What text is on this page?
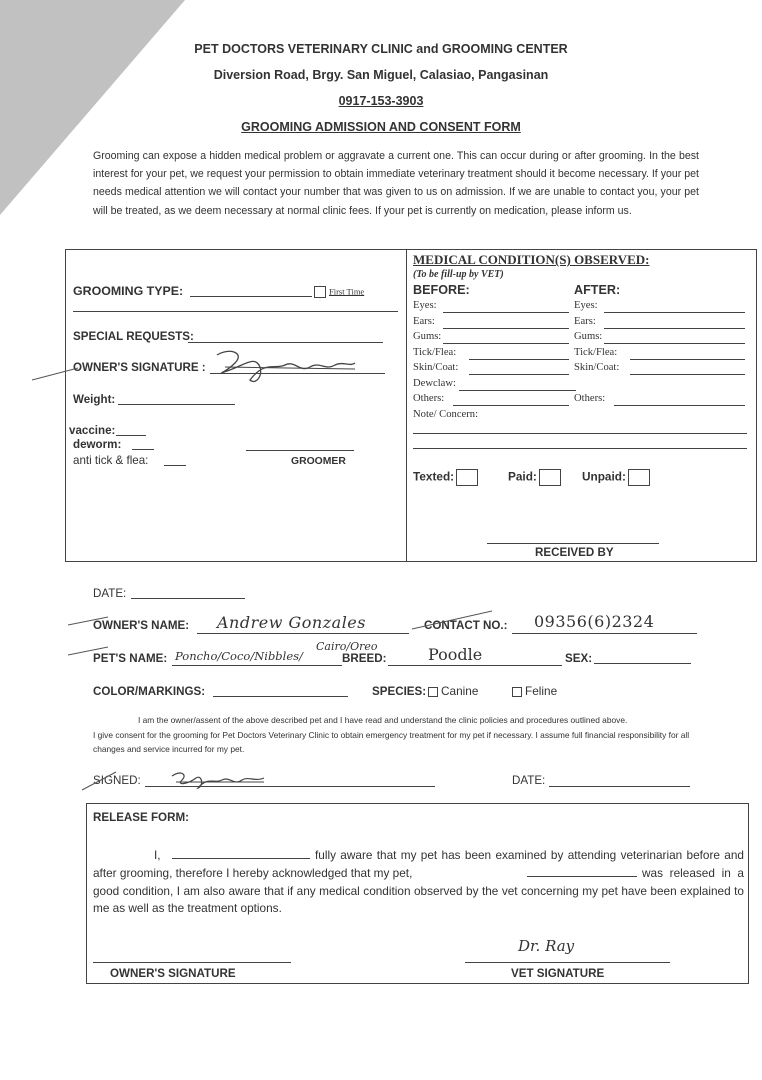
PET DOCTORS VETERINARY CLINIC and GROOMING CENTER
Diversion Road, Brgy. San Miguel, Calasiao, Pangasinan
0917-153-3903
GROOMING ADMISSION AND CONSENT FORM
Grooming can expose a hidden medical problem or aggravate a current one. This can occur during or after grooming. In the best interest for your pet, we request your permission to obtain immediate veterinary treatment should it become necessary. If your pet needs medical attention we will contact your number that was given to us on admission. If we are unable to contact you, your pet will be treated, as we deem necessary at normal clinic fees. If your pet is currently on medication, please inform us.
GROOMING TYPE:	First Time
SPECIAL REQUESTS:
OWNER'S SIGNATURE :
Weight:
vaccine:
deworm:
anti tick & flea:	GROOMER
MEDICAL CONDITION(S) OBSERVED:
(To be fill-up by VET)
BEFORE:	AFTER:
Eyes:	Eyes:
Ears:	Ears:
Gums:	Gums:
Tick/Flea:	Tick/Flea:
Skin/Coat:	Skin/Coat:
Dewclaw:
Others:	Others:
Note/ Concern:
Texted:	Paid:	Unpaid:
RECEIVED BY
DATE:
OWNER'S NAME: Andrew Gonzales	CONTACT NO.: 09356(6)2324
PET'S NAME: Poncho/Coco/Nibbles/
Cairo/Oreo
BREED:	Poodle	SEX:
COLOR/MARKINGS:	SPECIES:	Canine	Feline
I am the owner/assent of the above described pet and I have read and understand the clinic policies and procedures outlined above.
I give consent for the grooming for Pet Doctors Veterinary Clinic to obtain emergency treatment for my pet if necessary. I assume full financial responsibility for all changes and service incurred for my pet.
SIGNED:	DATE:
RELEASE FORM:
I,	fully aware that my pet has been examined by attending veterinarian before and after grooming, therefore I hereby acknowledged that my pet,	was released in a good condition, I am also aware that if any medical condition observed by the vet concerning my pet have been explained to me as well as the treatment options.
OWNER'S SIGNATURE
Dr. Ray
VET SIGNATURE
